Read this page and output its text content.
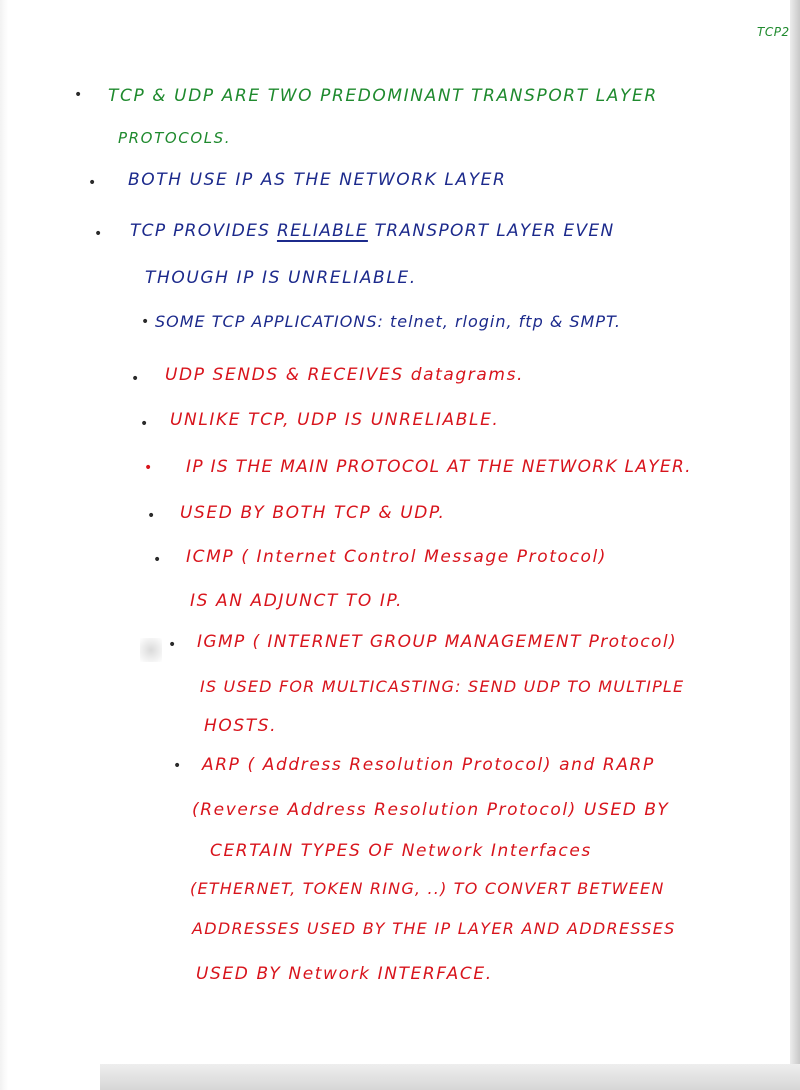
TCP2
• TCP & UDP ARE TWO PREDOMINANT TRANSPORT LAYER
PROTOCOLS.
• BOTH USE IP AS THE NETWORK LAYER
• TCP PROVIDES RELIABLE TRANSPORT LAYER EVEN
THOUGH IP IS UNRELIABLE.
• SOME TCP APPLICATIONS: telnet, rlogin, ftp & SMPT.
• UDP SENDS & RECEIVES datagrams.
• UNLIKE TCP, UDP IS UNRELIABLE.
• IP IS THE MAIN PROTOCOL AT THE NETWORK LAYER.
• USED BY BOTH TCP & UDP.
• ICMP ( Internet Control Message Protocol)
IS AN ADJUNCT TO IP.
• IGMP ( INTERNET GROUP MANAGEMENT Protocol)
IS USED FOR MULTICASTING: SEND UDP TO MULTIPLE
HOSTS.
• ARP ( Address Resolution Protocol) and RARP
(Reverse Address Resolution Protocol) USED BY
CERTAIN TYPES OF Network Interfaces
(ETHERNET, TOKEN RING, ..) TO CONVERT BETWEEN
ADDRESSES USED BY THE IP LAYER AND ADDRESSES
USED BY Network INTERFACE.
